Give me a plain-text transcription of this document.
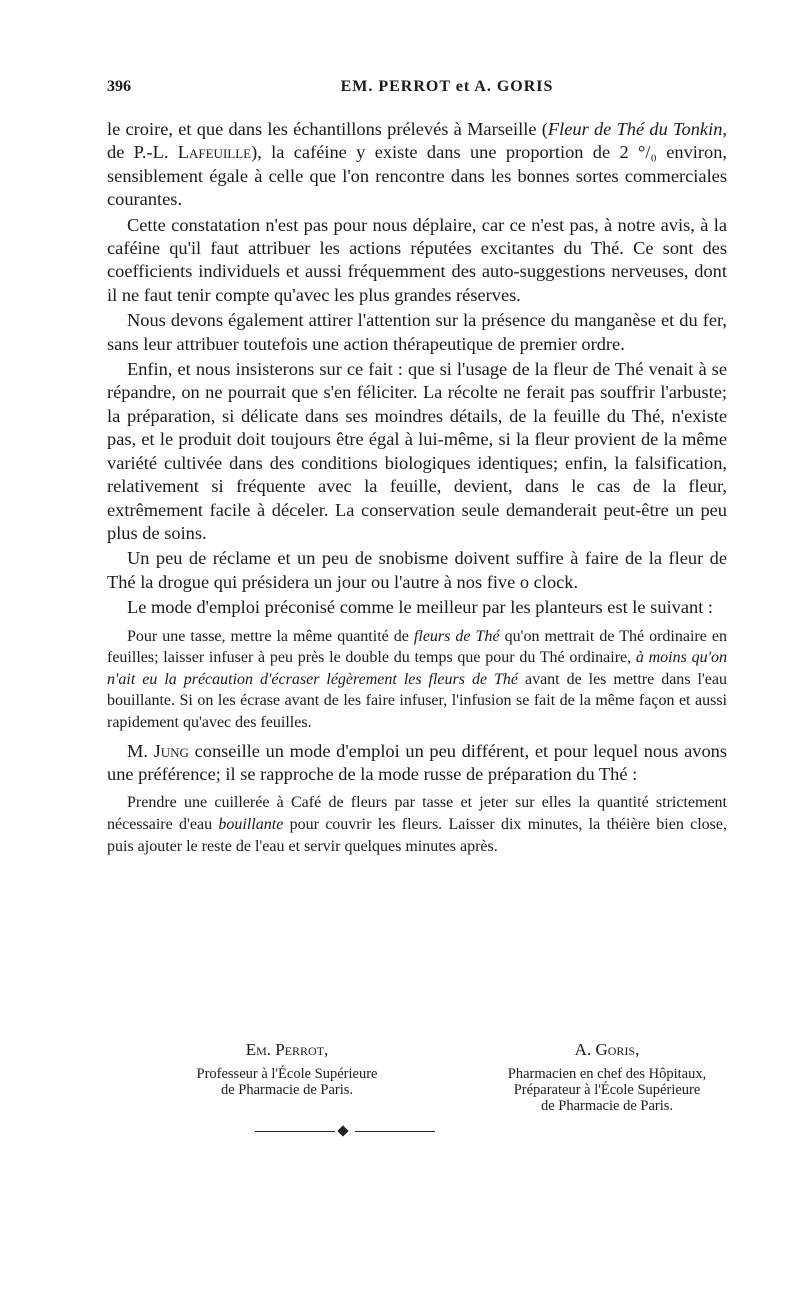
396	EM. PERROT et A. GORIS

le croire, et que dans les échantillons prélevés à Marseille (Fleur de Thé du Tonkin, de P.-L. Lafeuille), la caféine y existe dans une proportion de 2 °/₀ environ, sensiblement égale à celle que l'on rencontre dans les bonnes sortes commerciales courantes.

Cette constatation n'est pas pour nous déplaire, car ce n'est pas, à notre avis, à la caféine qu'il faut attribuer les actions réputées excitantes du Thé. Ce sont des coefficients individuels et aussi fréquemment des auto-suggestions nerveuses, dont il ne faut tenir compte qu'avec les plus grandes réserves.

Nous devons également attirer l'attention sur la présence du manganèse et du fer, sans leur attribuer toutefois une action thérapeutique de premier ordre.

Enfin, et nous insisterons sur ce fait : que si l'usage de la fleur de Thé venait à se répandre, on ne pourrait que s'en féliciter. La récolte ne ferait pas souffrir l'arbuste; la préparation, si délicate dans ses moindres détails, de la feuille du Thé, n'existe pas, et le produit doit toujours être égal à lui-même, si la fleur provient de la même variété cultivée dans des conditions biologiques identiques; enfin, la falsification, relativement si fréquente avec la feuille, devient, dans le cas de la fleur, extrêmement facile à déceler. La conservation seule demanderait peut-être un peu plus de soins.

Un peu de réclame et un peu de snobisme doivent suffire à faire de la fleur de Thé la drogue qui présidera un jour ou l'autre à nos five o clock.

Le mode d'emploi préconisé comme le meilleur par les planteurs est le suivant :

Pour une tasse, mettre la même quantité de fleurs de Thé qu'on mettrait de Thé ordinaire en feuilles; laisser infuser à peu près le double du temps que pour du Thé ordinaire, à moins qu'on n'ait eu la précaution d'écraser légèrement les fleurs de Thé avant de les mettre dans l'eau bouillante. Si on les écrase avant de les faire infuser, l'infusion se fait de la même façon et aussi rapidement qu'avec des feuilles.

M. Jung conseille un mode d'emploi un peu différent, et pour lequel nous avons une préférence; il se rapproche de la mode russe de préparation du Thé :

Prendre une cuillerée à Café de fleurs par tasse et jeter sur elles la quantité strictement nécessaire d'eau bouillante pour couvrir les fleurs. Laisser dix minutes, la théière bien close, puis ajouter le reste de l'eau et servir quelques minutes après.
Em. Perrot,
Professeur à l'École Supérieure
de Pharmacie de Paris.
A. Goris,
Pharmacien en chef des Hôpitaux,
Préparateur à l'École Supérieure
de Pharmacie de Paris.
